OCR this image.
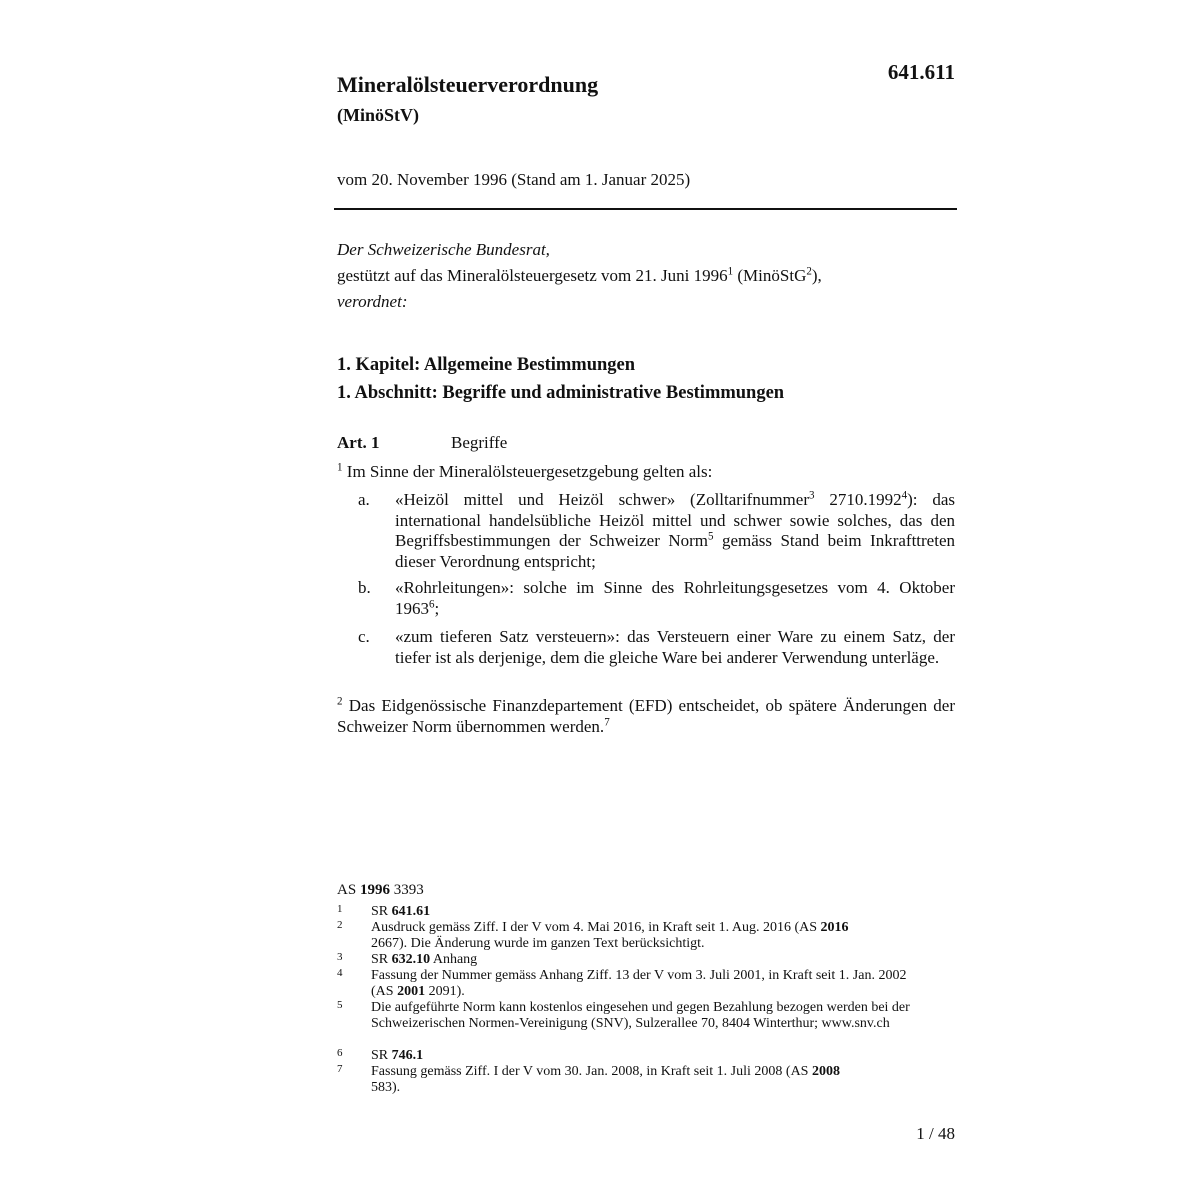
641.611
Mineralölsteuerverordnung
(MinöStV)
vom 20. November 1996 (Stand am 1. Januar 2025)
Der Schweizerische Bundesrat,
gestützt auf das Mineralölsteuergesetz vom 21. Juni 1996$^1$ (MinöStG$^2$),
verordnet:
1. Kapitel: Allgemeine Bestimmungen
1. Abschnitt: Begriffe und administrative Bestimmungen
Art. 1	Begriffe
$^1$ Im Sinne der Mineralölsteuergesetzgebung gelten als:
a. «Heizöl mittel und Heizöl schwer» (Zolltarifnummer$^3$ 2710.1992$^4$): das international handelsübliche Heizöl mittel und schwer sowie solches, das den Begriffsbestimmungen der Schweizer Norm$^5$ gemäss Stand beim Inkrafttreten dieser Verordnung entspricht;
b. «Rohrleitungen»: solche im Sinne des Rohrleitungsgesetzes vom 4. Oktober 1963$^6$;
c. «zum tieferen Satz versteuern»: das Versteuern einer Ware zu einem Satz, der tiefer ist als derjenige, dem die gleiche Ware bei anderer Verwendung unterläge.
$^2$ Das Eidgenössische Finanzdepartement (EFD) entscheidet, ob spätere Änderungen der Schweizer Norm übernommen werden.$^7$
AS 1996 3393
1 SR 641.61
2 Ausdruck gemäss Ziff. I der V vom 4. Mai 2016, in Kraft seit 1. Aug. 2016 (AS 2016 2667). Die Änderung wurde im ganzen Text berücksichtigt.
3 SR 632.10 Anhang
4 Fassung der Nummer gemäss Anhang Ziff. 13 der V vom 3. Juli 2001, in Kraft seit 1. Jan. 2002 (AS 2001 2091).
5 Die aufgeführte Norm kann kostenlos eingesehen und gegen Bezahlung bezogen werden bei der Schweizerischen Normen-Vereinigung (SNV), Sulzerallee 70, 8404 Winterthur; www.snv.ch
6 SR 746.1
7 Fassung gemäss Ziff. I der V vom 30. Jan. 2008, in Kraft seit 1. Juli 2008 (AS 2008 583).
1 / 48
